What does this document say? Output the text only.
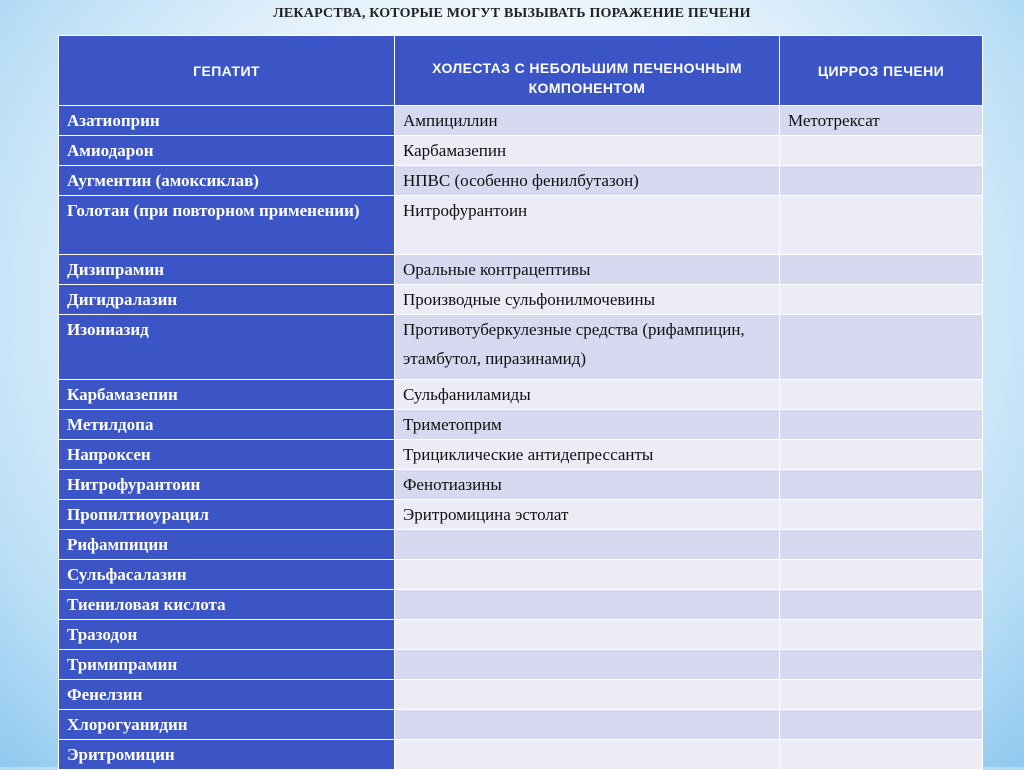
ЛЕКАРСТВА, КОТОРЫЕ МОГУТ ВЫЗЫВАТЬ ПОРАЖЕНИЕ ПЕЧЕНИ
ГЕПАТИТ	ХОЛЕСТАЗ С НЕБОЛЬШИМ ПЕЧЕНОЧНЫМ КОМПОНЕНТОМ	ЦИРРОЗ ПЕЧЕНИ

Азатиоприн	Ампициллин	Метотрексат
Амиодарон	Карбамазепин	
Аугментин (амоксиклав)	НПВС (особенно фенилбутазон)	
Голотан (при повторном применении)	Нитрофурантоин	
Дизипрамин	Оральные контрацептивы	
Дигидралазин	Производные сульфонилмочевины	
Изониазид	Противотуберкулезные средства (рифампицин, этамбутол, пиразинамид)	
Карбамазепин	Сульфаниламиды	
Метилдопа	Триметоприм	
Напроксен	Трициклические антидепрессанты	
Нитрофурантоин	Фенотиазины	
Пропилтиоурацил	Эритромицина эстолат	
Рифампицин		
Сульфасалазин		
Тиениловая кислота		
Тразодон		
Тримипрамин		
Фенелзин		
Хлорогуанидин		
Эритромицин		
